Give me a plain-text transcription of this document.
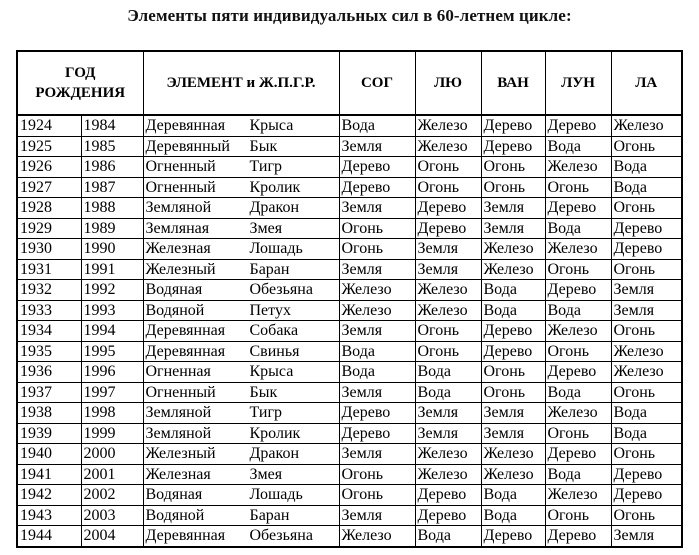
Элементы пяти индивидуальных сил в 60-летнем цикле:
ГОД
РОЖДЕНИЯ		ЭЛЕМЕНТ и Ж.П.Г.Р.	СОГ	ЛЮ	ВАН	ЛУН	ЛА
1924	1984	Деревянная Крыса	Вода	Железо	Дерево	Дерево	Железо
1925	1985	Деревянный Бык	Земля	Железо	Дерево	Вода	Огонь
1926	1986	Огненный Тигр	Дерево	Огонь	Огонь	Железо	Вода
1927	1987	Огненный Кролик	Дерево	Огонь	Огонь	Огонь	Вода
1928	1988	Земляной Дракон	Земля	Дерево	Земля	Дерево	Огонь
1929	1989	Земляная Змея	Огонь	Дерево	Земля	Вода	Дерево
1930	1990	Железная Лошадь	Огонь	Земля	Железо	Железо	Дерево
1931	1991	Железный Баран	Земля	Земля	Железо	Огонь	Огонь
1932	1992	Водяная Обезьяна	Железо	Железо	Вода	Дерево	Земля
1933	1993	Водяной Петух	Железо	Железо	Вода	Вода	Земля
1934	1994	Деревянная Собака	Земля	Огонь	Дерево	Железо	Огонь
1935	1995	Деревянная Свинья	Вода	Огонь	Дерево	Огонь	Железо
1936	1996	Огненная Крыса	Вода	Вода	Огонь	Дерево	Железо
1937	1997	Огненный Бык	Земля	Вода	Огонь	Вода	Огонь
1938	1998	Земляной Тигр	Дерево	Земля	Земля	Железо	Вода
1939	1999	Земляной Кролик	Дерево	Земля	Земля	Огонь	Вода
1940	2000	Железный Дракон	Земля	Железо	Железо	Дерево	Огонь
1941	2001	Железная Змея	Огонь	Железо	Железо	Вода	Дерево
1942	2002	Водяная Лошадь	Огонь	Дерево	Вода	Железо	Дерево
1943	2003	Водяной Баран	Земля	Дерево	Вода	Огонь	Огонь
1944	2004	Деревянная Обезьяна	Железо	Вода	Дерево	Дерево	Земля
